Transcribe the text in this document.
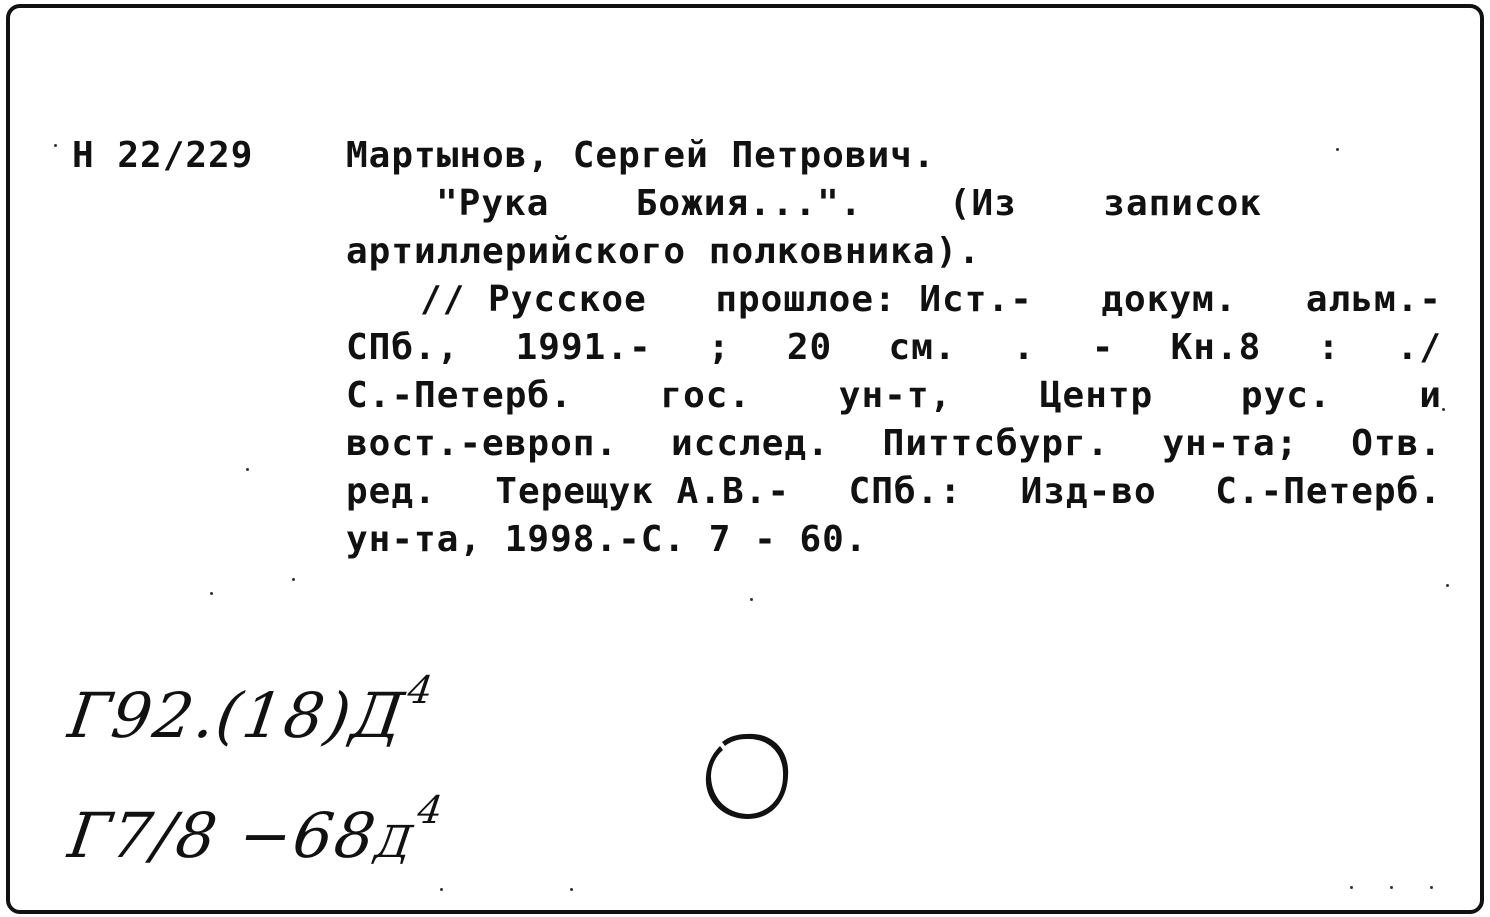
Н 22/229	Мартынов, Сергей Петрович.
"Рука Божия...". (Из записок
артиллерийского полковника).
// Русское прошлое: Ист.- докум. альм.-
СПб., 1991.- ; 20 см. . - Кн.8 : ./
С.-Петерб. гос. ун-т, Центр рус. и
вост.-европ. исслед. Питтсбург. ун-та; Отв.
ред. Терещук А.В.- СПб.: Изд-во С.-Петерб.
ун-та, 1998.-С. 7 - 60.
$Г92.(18)Д^4$
$Г7/8 -68Д^4$
